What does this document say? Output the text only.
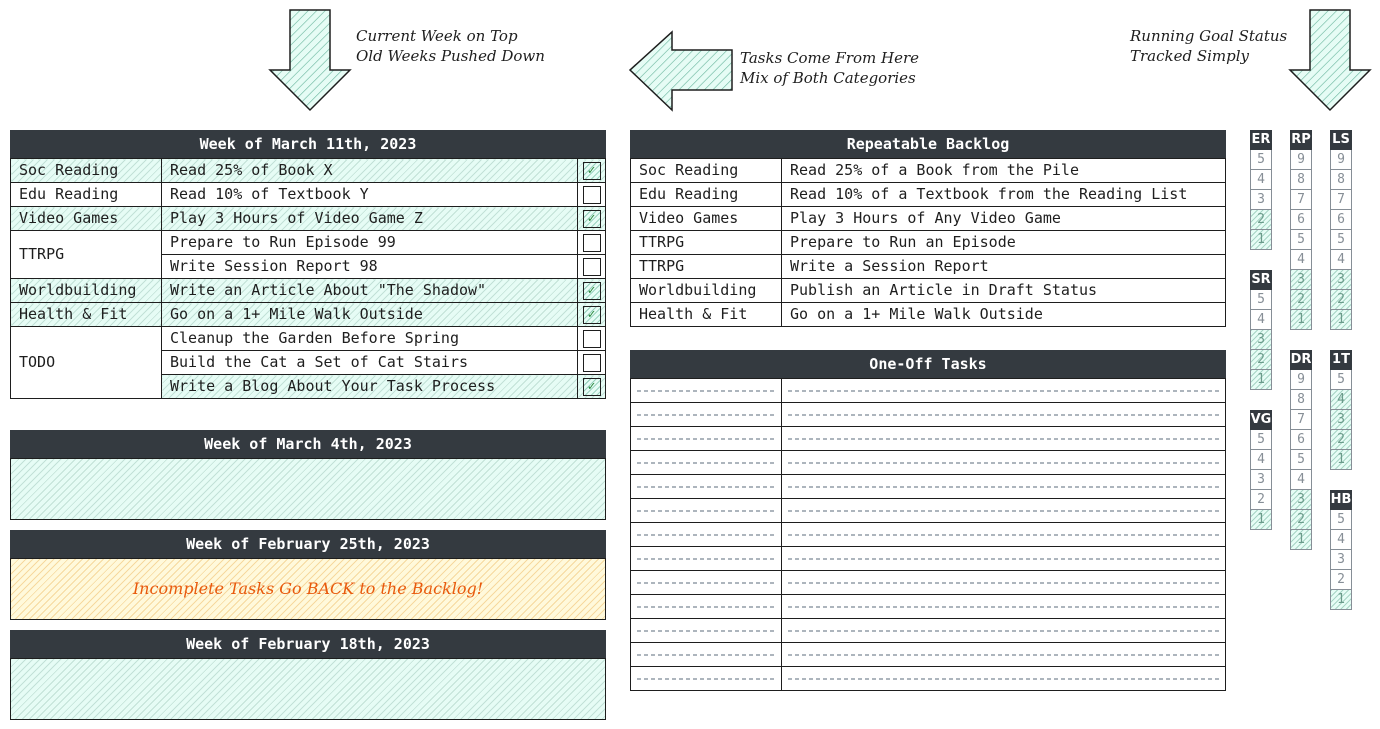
Current Week on Top
Old Weeks Pushed Down	Tasks Come From Here
Mix of Both Categories
Running Goal Status
Tracked Simply
Week of March 11th, 2023
Soc Reading	Read 25% of Book X	✓
Edu Reading	Read 10% of Textbook Y	
Video Games	Play 3 Hours of Video Game Z	✓
TTRPG	Prepare to Run Episode 99	
	Write Session Report 98	
Worldbuilding	Write an Article About "The Shadow"	✓
Health & Fit	Go on a 1+ Mile Walk Outside	✓
TODO	Cleanup the Garden Before Spring	
	Build the Cat a Set of Cat Stairs	
	Write a Blog About Your Task Process	✓
Week of March 4th, 2023
Week of February 25th, 2023
Incomplete Tasks Go BACK to the Backlog!
Week of February 18th, 2023
Repeatable Backlog
Soc Reading	Read 25% of a Book from the Pile
Edu Reading	Read 10% of a Textbook from the Reading List
Video Games	Play 3 Hours of Any Video Game
TTRPG	Prepare to Run an Episode
TTRPG	Write a Session Report
Worldbuilding	Publish an Article in Draft Status
Health & Fit	Go on a 1+ Mile Walk Outside
One-Off Tasks

ER
5
4
3
2
1
SR
5
4
3
2
1
VG
5
4
3
2
1
RP
9
8
7
6
5
4
3
2
1
DR
9
8
7
6
5
4
3
2
1
LS
9
8
7
6
5
4
3
2
1
1T
5
4
3
2
1
HB
5
4
3
2
1
